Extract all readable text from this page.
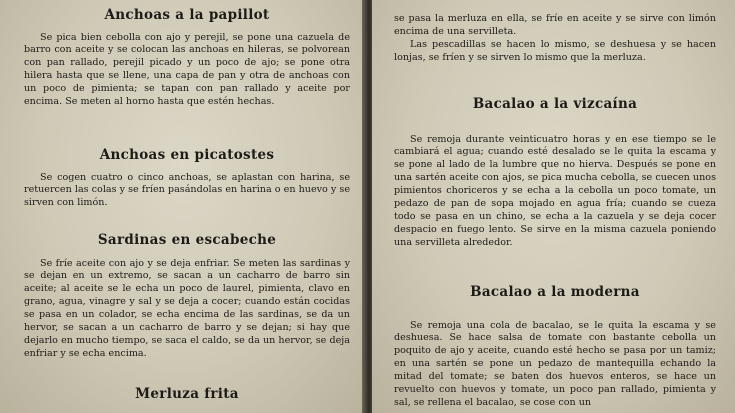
Anchoas a la papillot

Se pica bien cebolla con ajo y perejil, se pone una cazuela de barro con aceite y se colocan las anchoas en hileras, se polvorean con pan rallado, perejil picado y un poco de ajo; se pone otra hilera hasta que se llene, una capa de pan y otra de anchoas con un poco de pimienta; se tapan con pan rallado y aceite por encima. Se meten al horno hasta que estén hechas.

Anchoas en picatostes

Se cogen cuatro o cinco anchoas, se aplastan con harina, se retuercen las colas y se fríen pasándolas en harina o en huevo y se sirven con limón.

Sardinas en escabeche

Se fríe aceite con ajo y se deja enfriar. Se meten las sardinas y se dejan en un extremo, se sacan a un cacharro de barro sin aceite; al aceite se le echa un poco de laurel, pimienta, clavo en grano, agua, vinagre y sal y se deja a cocer; cuando están cocidas se pasa en un colador, se echa encima de las sardinas, se da un hervor, se sacan a un cacharro de barro y se dejan; si hay que dejarlo en mucho tiempo, se saca el caldo, se da un hervor, se deja enfriar y se echa encima.

Merluza frita

se pasa la merluza en ella, se fríe en aceite y se sirve con limón encima de una servilleta.

Las pescadillas se hacen lo mismo, se deshuesa y se hacen lonjas, se fríen y se sirven lo mismo que la merluza.

Bacalao a la vizcaína

Se remoja durante veinticuatro horas y en ese tiempo se le cambiará el agua; cuando esté desalado se le quita la escama y se pone al lado de la lumbre que no hierva. Después se pone en una sartén aceite con ajos, se pica mucha cebolla, se cuecen unos pimientos choriceros y se echa a la cebolla un poco tomate, un pedazo de pan de sopa mojado en agua fría; cuando se cueza todo se pasa en un chino, se echa a la cazuela y se deja cocer despacio en fuego lento. Se sirve en la misma cazuela poniendo una servilleta alrededor.

Bacalao a la moderna

Se remoja una cola de bacalao, se le quita la escama y se deshuesa. Se hace salsa de tomate con bastante cebolla un poquito de ajo y aceite, cuando esté hecho se pasa por un tamiz; en una sartén se pone un pedazo de mantequilla echando la mitad del tomate; se baten dos huevos enteros, se hace un revuelto con huevos y tomate, un poco pan rallado, pimienta y sal, se rellena el bacalao, se cose con un
